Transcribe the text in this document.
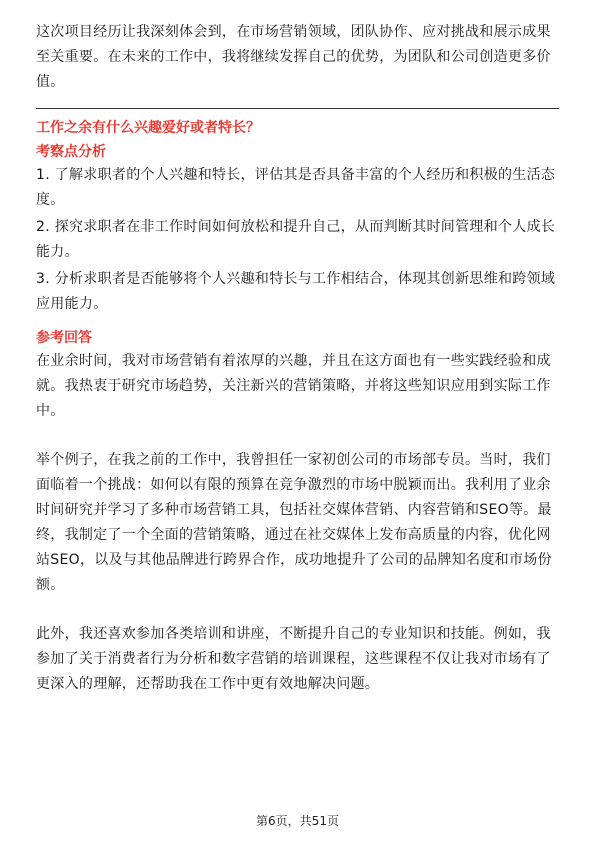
这次项目经历让我深刻体会到，在市场营销领域，团队协作、应对挑战和展示成果至关重要。在未来的工作中，我将继续发挥自己的优势，为团队和公司创造更多价值。

工作之余有什么兴趣爱好或者特长？

考察点分析

1. 了解求职者的个人兴趣和特长，评估其是否具备丰富的个人经历和积极的生活态度。
2. 探究求职者在非工作时间如何放松和提升自己，从而判断其时间管理和个人成长能力。
3. 分析求职者是否能够将个人兴趣和特长与工作相结合，体现其创新思维和跨领域应用能力。

参考回答

在业余时间，我对市场营销有着浓厚的兴趣，并且在这方面也有一些实践经验和成就。我热衷于研究市场趋势，关注新兴的营销策略，并将这些知识应用到实际工作中。

举个例子，在我之前的工作中，我曾担任一家初创公司的市场部专员。当时，我们面临着一个挑战：如何以有限的预算在竞争激烈的市场中脱颖而出。我利用了业余时间研究并学习了多种市场营销工具，包括社交媒体营销、内容营销和SEO等。最终，我制定了一个全面的营销策略，通过在社交媒体上发布高质量的内容，优化网站SEO，以及与其他品牌进行跨界合作，成功地提升了公司的品牌知名度和市场份额。

此外，我还喜欢参加各类培训和讲座，不断提升自己的专业知识和技能。例如，我参加了关于消费者行为分析和数字营销的培训课程，这些课程不仅让我对市场有了更深入的理解，还帮助我在工作中更有效地解决问题。

第6页，共51页
